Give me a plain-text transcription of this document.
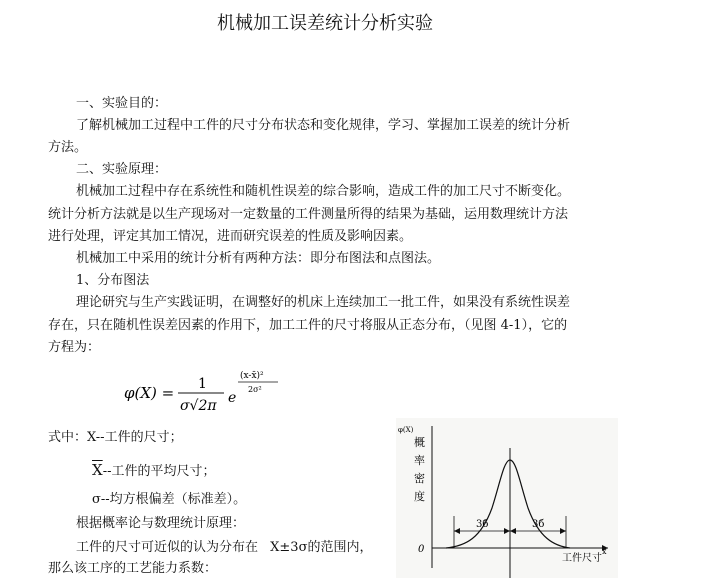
机械加工误差统计分析实验
一、实验目的：
了解机械加工过程中工件的尺寸分布状态和变化规律，学习、掌握加工误差的统计分析
方法。
二、实验原理：
机械加工过程中存在系统性和随机性误差的综合影响，造成工件的加工尺寸不断变化。
统计分析方法就是以生产现场对一定数量的工件测量所得的结果为基础，运用数理统计方法
进行处理，评定其加工情况，进而研究误差的性质及影响因素。
机械加工中采用的统计分析有两种方法：即分布图法和点图法。
1、分布图法
理论研究与生产实践证明，在调整好的机床上连续加工一批工件，如果没有系统性误差
存在，只在随机性误差因素的作用下，加工工件的尺寸将服从正态分布，（见图 4-1），它的
方程为：
φ(X) = 1
σ√2π e
(x-x̄)²
2σ²
式中：X--工件的尺寸；
$\overline{X}--$工件的平均尺寸；
σ--均方根偏差（标准差）。
根据概率论与数理统计原理：
工件的尺寸可近似的认为分布在 X±3σ的范围内，
那么该工序的工艺能力系数：
φ(X)
概
率
密
度
0
3б	3б
工件尺寸
x
